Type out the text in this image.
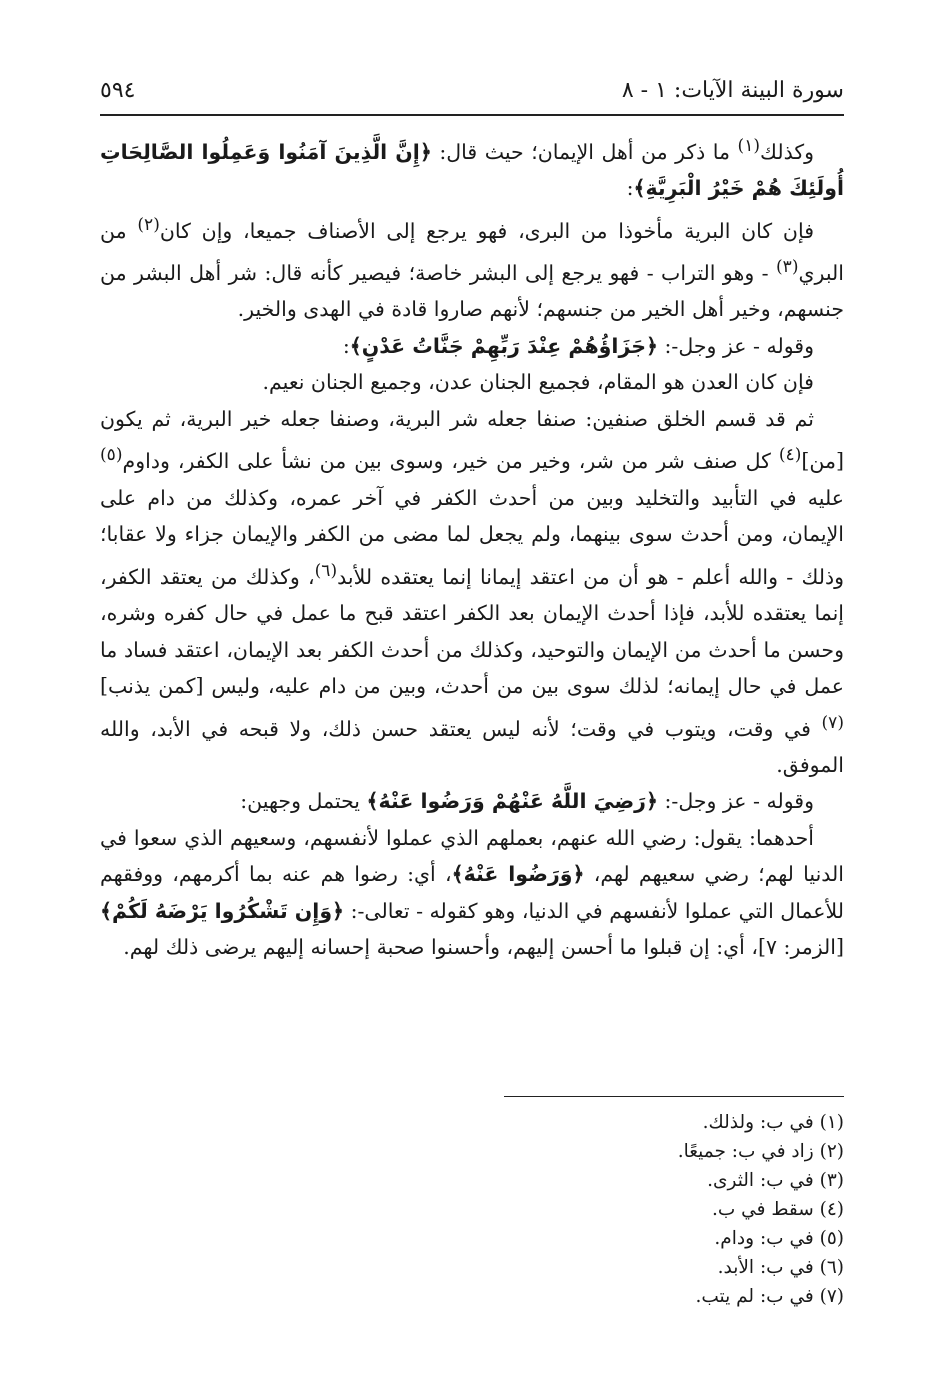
سورة البينة الآيات: ١ - ٨
٥٩٤

وكذلك$^{(١)}$ ما ذكر من أهل الإيمان؛ حيث قال: ﴿إِنَّ الَّذِينَ آمَنُوا وَعَمِلُوا الصَّالِحَاتِ أُولَئِكَ هُمْ خَيْرُ الْبَرِيَّةِ﴾:

فإن كان البرية مأخوذا من البرى، فهو يرجع إلى الأصناف جميعا، وإن كان$^{(٢)}$ من البري$^{(٣)}$ - وهو التراب - فهو يرجع إلى البشر خاصة؛ فيصير كأنه قال: شر أهل البشر من جنسهم، وخير أهل الخير من جنسهم؛ لأنهم صاروا قادة في الهدى والخير.

وقوله - عز وجل-: ﴿جَزَاؤُهُمْ عِنْدَ رَبِّهِمْ جَنَّاتُ عَدْنٍ﴾:

فإن كان العدن هو المقام، فجميع الجنان عدن، وجميع الجنان نعيم.

ثم قد قسم الخلق صنفين: صنفا جعله شر البرية، وصنفا جعله خير البرية، ثم يكون [من]$^{(٤)}$ كل صنف شر من شر، وخير من خير، وسوى بين من نشأ على الكفر، وداوم$^{(٥)}$ عليه في التأبيد والتخليد وبين من أحدث الكفر في آخر عمره، وكذلك من دام على الإيمان، ومن أحدث سوى بينهما، ولم يجعل لما مضى من الكفر والإيمان جزاء ولا عقابا؛ وذلك - والله أعلم - هو أن من اعتقد إيمانا إنما يعتقده للأبد$^{(٦)}$، وكذلك من يعتقد الكفر، إنما يعتقده للأبد، فإذا أحدث الإيمان بعد الكفر اعتقد قبح ما عمل في حال كفره وشره، وحسن ما أحدث من الإيمان والتوحيد، وكذلك من أحدث الكفر بعد الإيمان، اعتقد فساد ما عمل في حال إيمانه؛ لذلك سوى بين من أحدث، وبين من دام عليه، وليس [كمن يذنب]$^{(٧)}$ في وقت، ويتوب في وقت؛ لأنه ليس يعتقد حسن ذلك، ولا قبحه في الأبد، والله الموفق.

وقوله - عز وجل-: ﴿رَضِيَ اللَّهُ عَنْهُمْ وَرَضُوا عَنْهُ﴾ يحتمل وجهين:

أحدهما: يقول: رضي الله عنهم، بعملهم الذي عملوا لأنفسهم، وسعيهم الذي سعوا في الدنيا لهم؛ رضي سعيهم لهم، ﴿وَرَضُوا عَنْهُ﴾، أي: رضوا هم عنه بما أكرمهم، ووفقهم للأعمال التي عملوا لأنفسهم في الدنيا، وهو كقوله - تعالى-: ﴿وَإِن تَشْكُرُوا يَرْضَهُ لَكُمْ﴾ [الزمر: ٧]، أي: إن قبلوا ما أحسن إليهم، وأحسنوا صحبة إحسانه إليهم يرضى ذلك لهم.

(١) في ب: ولذلك.
(٢) زاد في ب: جميعًا.
(٣) في ب: الثرى.
(٤) سقط في ب.
(٥) في ب: ودام.
(٦) في ب: الأبد.
(٧) في ب: لم يتب.
